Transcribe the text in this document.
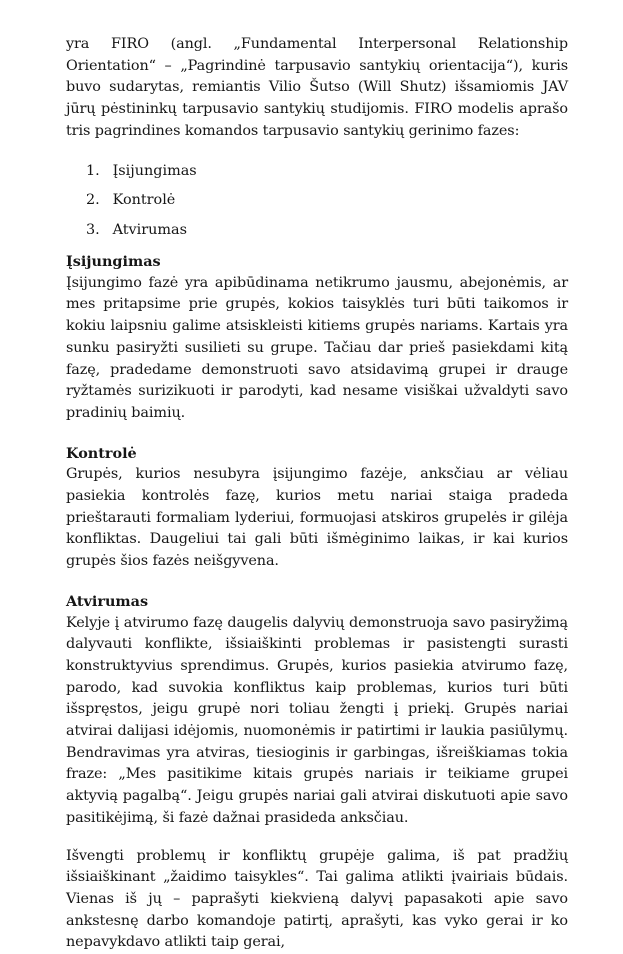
yra FIRO (angl. „Fundamental Interpersonal Relationship Orientation“ – „Pagrindinė tarpusavio santykių orientacija“), kuris buvo sudarytas, remiantis Vilio Šutso (Will Shutz) išsamiomis JAV jūrų pėstininkų tarpusavio santykių studijomis. FIRO modelis aprašo tris pagrindines komandos tarpusavio santykių gerinimo fazes:

1. Įsijungimas
2. Kontrolė
3. Atvirumas
Įsijungimas

Įsijungimo fazė yra apibūdinama netikrumo jausmu, abejonėmis, ar mes pritapsime prie grupės, kokios taisyklės turi būti taikomos ir kokiu laipsniu galime atsiskleisti kitiems grupės nariams. Kartais yra sunku pasiryžti susilieti su grupe. Tačiau dar prieš pasiekdami kitą fazę, pradedame demonstruoti savo atsidavimą grupei ir drauge ryžtamės surizikuoti ir parodyti, kad nesame visiškai užvaldyti savo pradinių baimių.

Kontrolė

Grupės, kurios nesubyra įsijungimo fazėje, anksčiau ar vėliau pasiekia kontrolės fazę, kurios metu nariai staiga pradeda prieštarauti formaliam lyderiui, formuojasi atskiros grupelės ir gilėja konfliktas. Daugeliui tai gali būti išmėginimo laikas, ir kai kurios grupės šios fazės neišgyvena.

Atvirumas

Kelyje į atvirumo fazę daugelis dalyvių demonstruoja savo pasiryžimą dalyvauti konflikte, išsiaiškinti problemas ir pasistengti surasti konstruktyvius sprendimus. Grupės, kurios pasiekia atvirumo fazę, parodo, kad suvokia konfliktus kaip problemas, kurios turi būti išspręstos, jeigu grupė nori toliau žengti į priekį. Grupės nariai atvirai dalijasi idėjomis, nuomonėmis ir patirtimi ir laukia pasiūlymų. Bendravimas yra atviras, tiesioginis ir garbingas, išreiškiamas tokia fraze: „Mes pasitikime kitais grupės nariais ir teikiame grupei aktyvią pagalbą“. Jeigu grupės nariai gali atvirai diskutuoti apie savo pasitikėjimą, ši fazė dažnai prasideda anksčiau.

Išvengti problemų ir konfliktų grupėje galima, iš pat pradžių išsiaiškinant „žaidimo taisykles“. Tai galima atlikti įvairiais būdais. Vienas iš jų – paprašyti kiekvieną dalyvį papasakoti apie savo ankstesnę darbo komandoje patirtį, aprašyti, kas vyko gerai ir ko nepavykdavo atlikti taip gerai,
